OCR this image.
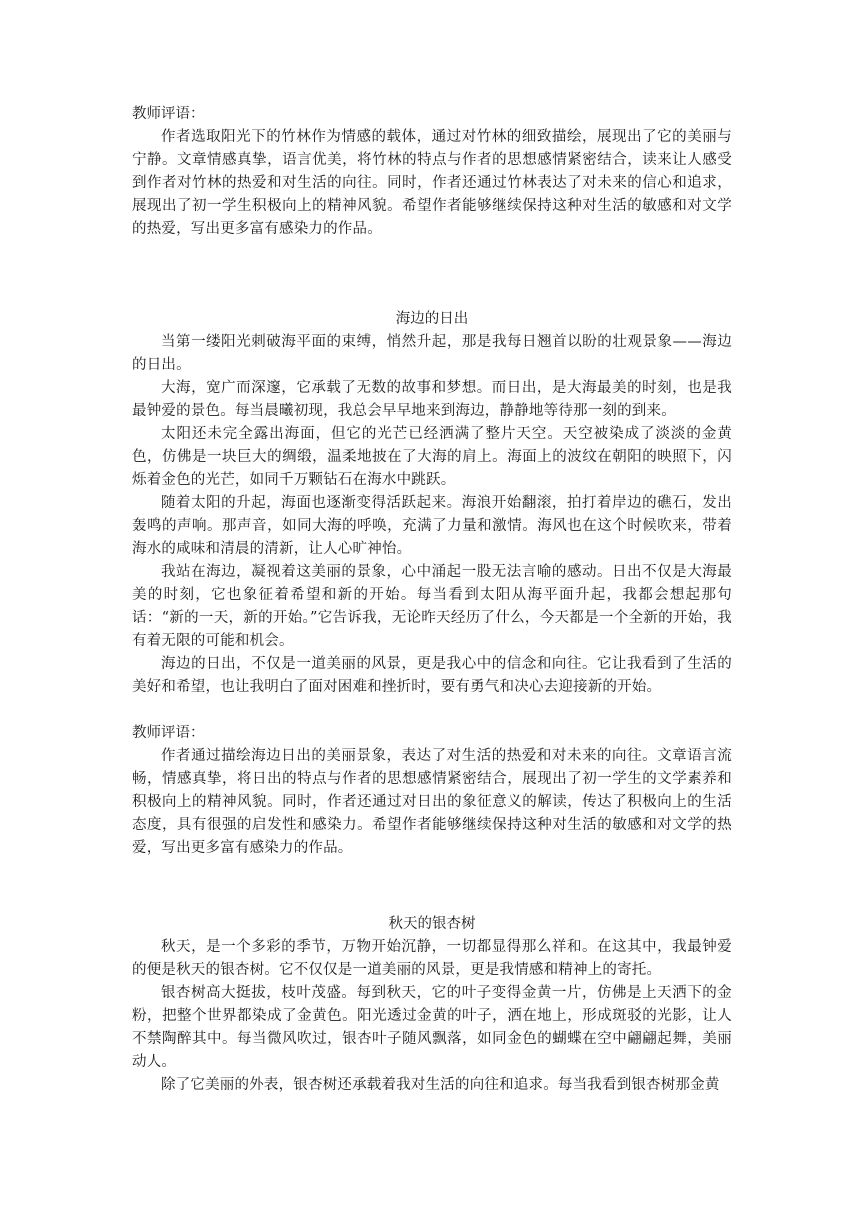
教师评语：

作者选取阳光下的竹林作为情感的载体，通过对竹林的细致描绘，展现出了它的美丽与宁静。文章情感真挚，语言优美，将竹林的特点与作者的思想感情紧密结合，读来让人感受到作者对竹林的热爱和对生活的向往。同时，作者还通过竹林表达了对未来的信心和追求，展现出了初一学生积极向上的精神风貌。希望作者能够继续保持这种对生活的敏感和对文学的热爱，写出更多富有感染力的作品。

海边的日出

当第一缕阳光刺破海平面的束缚，悄然升起，那是我每日翘首以盼的壮观景象——海边的日出。

大海，宽广而深邃，它承载了无数的故事和梦想。而日出，是大海最美的时刻，也是我最钟爱的景色。每当晨曦初现，我总会早早地来到海边，静静地等待那一刻的到来。

太阳还未完全露出海面，但它的光芒已经洒满了整片天空。天空被染成了淡淡的金黄色，仿佛是一块巨大的绸缎，温柔地披在了大海的肩上。海面上的波纹在朝阳的映照下，闪烁着金色的光芒，如同千万颗钻石在海水中跳跃。

随着太阳的升起，海面也逐渐变得活跃起来。海浪开始翻滚，拍打着岸边的礁石，发出轰鸣的声响。那声音，如同大海的呼唤，充满了力量和激情。海风也在这个时候吹来，带着海水的咸味和清晨的清新，让人心旷神怡。

我站在海边，凝视着这美丽的景象，心中涌起一股无法言喻的感动。日出不仅是大海最美的时刻，它也象征着希望和新的开始。每当看到太阳从海平面升起，我都会想起那句话：“新的一天，新的开始。”它告诉我，无论昨天经历了什么，今天都是一个全新的开始，我有着无限的可能和机会。

海边的日出，不仅是一道美丽的风景，更是我心中的信念和向往。它让我看到了生活的美好和希望，也让我明白了面对困难和挫折时，要有勇气和决心去迎接新的开始。

教师评语：

作者通过描绘海边日出的美丽景象，表达了对生活的热爱和对未来的向往。文章语言流畅，情感真挚，将日出的特点与作者的思想感情紧密结合，展现出了初一学生的文学素养和积极向上的精神风貌。同时，作者还通过对日出的象征意义的解读，传达了积极向上的生活态度，具有很强的启发性和感染力。希望作者能够继续保持这种对生活的敏感和对文学的热爱，写出更多富有感染力的作品。

秋天的银杏树

秋天，是一个多彩的季节，万物开始沉静，一切都显得那么祥和。在这其中，我最钟爱的便是秋天的银杏树。它不仅仅是一道美丽的风景，更是我情感和精神上的寄托。

银杏树高大挺拔，枝叶茂盛。每到秋天，它的叶子变得金黄一片，仿佛是上天洒下的金粉，把整个世界都染成了金黄色。阳光透过金黄的叶子，洒在地上，形成斑驳的光影，让人不禁陶醉其中。每当微风吹过，银杏叶子随风飘落，如同金色的蝴蝶在空中翩翩起舞，美丽动人。

除了它美丽的外表，银杏树还承载着我对生活的向往和追求。每当我看到银杏树那金黄
